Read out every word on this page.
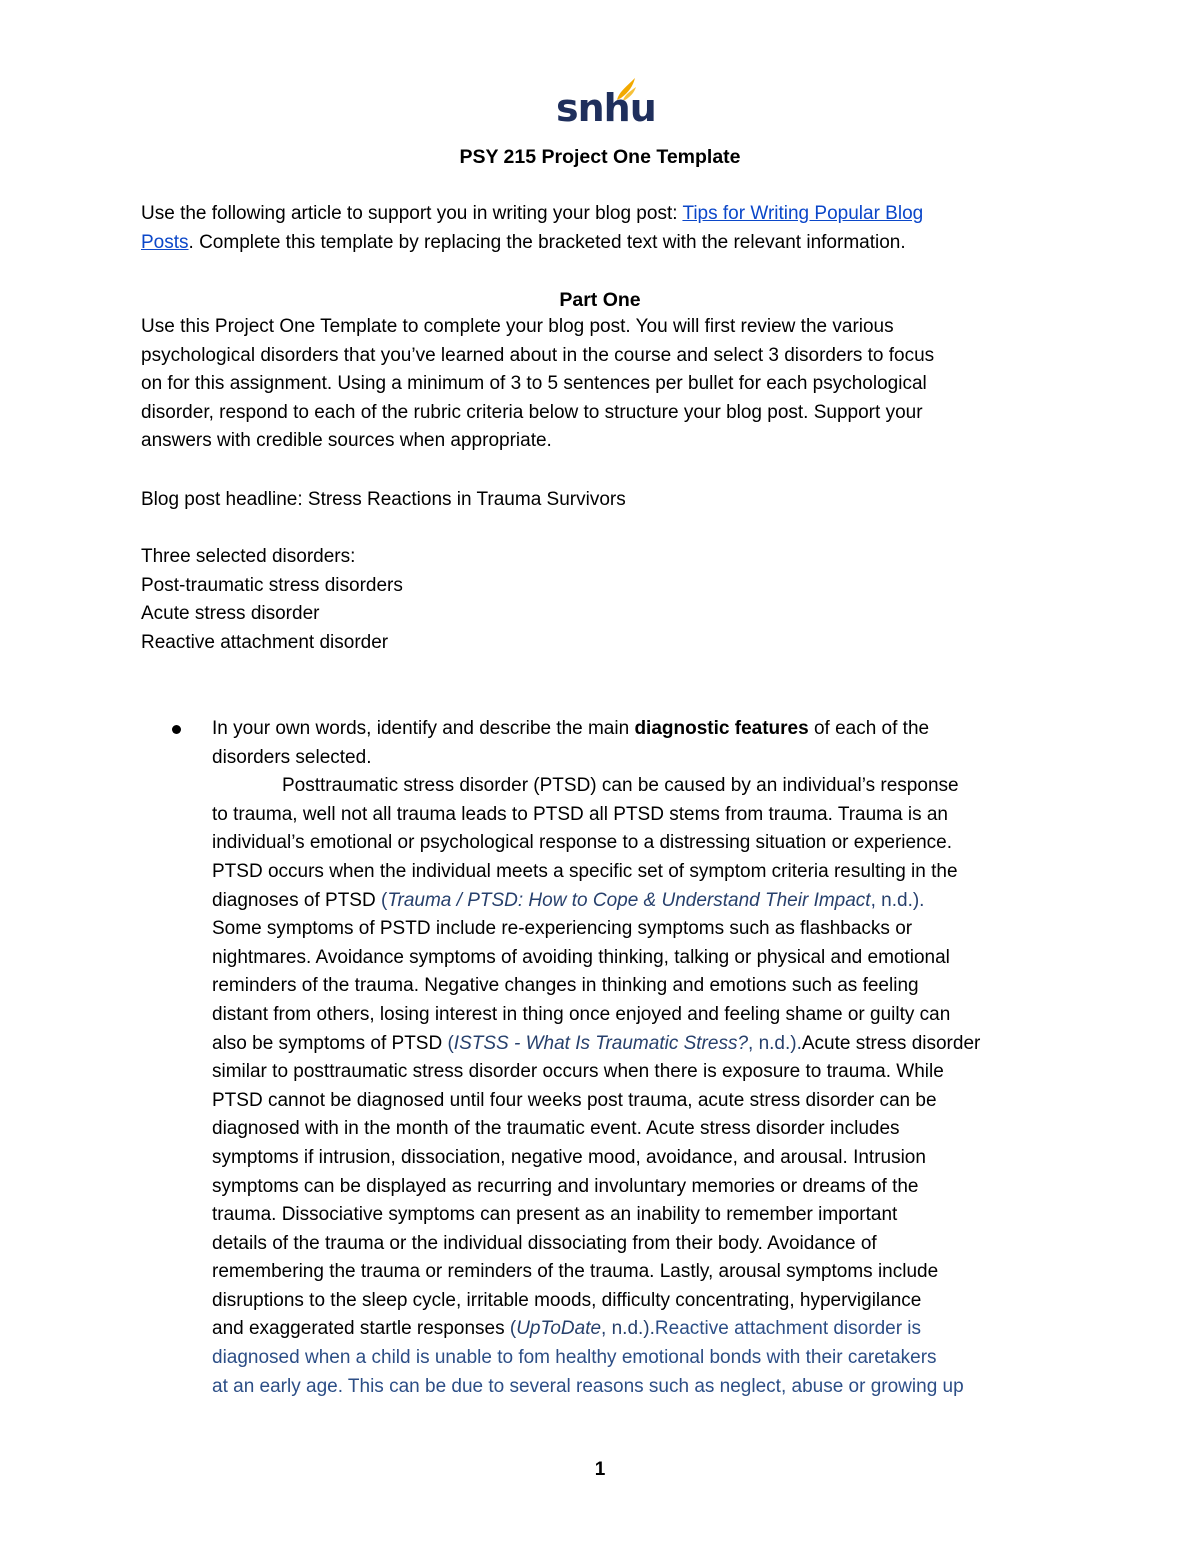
snhu
PSY 215 Project One Template
Use the following article to support you in writing your blog post: Tips for Writing Popular Blog
Posts. Complete this template by replacing the bracketed text with the relevant information.
Part One
Use this Project One Template to complete your blog post. You will first review the various
psychological disorders that you’ve learned about in the course and select 3 disorders to focus
on for this assignment. Using a minimum of 3 to 5 sentences per bullet for each psychological
disorder, respond to each of the rubric criteria below to structure your blog post. Support your
answers with credible sources when appropriate.
Blog post headline: Stress Reactions in Trauma Survivors
Three selected disorders:
Post-traumatic stress disorders
Acute stress disorder
Reactive attachment disorder
In your own words, identify and describe the main diagnostic features of each of the
disorders selected.
Posttraumatic stress disorder (PTSD) can be caused by an individual’s response
to trauma, well not all trauma leads to PTSD all PTSD stems from trauma. Trauma is an
individual’s emotional or psychological response to a distressing situation or experience.
PTSD occurs when the individual meets a specific set of symptom criteria resulting in the
diagnoses of PTSD (Trauma / PTSD: How to Cope & Understand Their Impact, n.d.).
Some symptoms of PSTD include re-experiencing symptoms such as flashbacks or
nightmares. Avoidance symptoms of avoiding thinking, talking or physical and emotional
reminders of the trauma. Negative changes in thinking and emotions such as feeling
distant from others, losing interest in thing once enjoyed and feeling shame or guilty can
also be symptoms of PTSD (ISTSS - What Is Traumatic Stress?, n.d.).Acute stress disorder
similar to posttraumatic stress disorder occurs when there is exposure to trauma. While
PTSD cannot be diagnosed until four weeks post trauma, acute stress disorder can be
diagnosed with in the month of the traumatic event. Acute stress disorder includes
symptoms if intrusion, dissociation, negative mood, avoidance, and arousal. Intrusion
symptoms can be displayed as recurring and involuntary memories or dreams of the
trauma. Dissociative symptoms can present as an inability to remember important
details of the trauma or the individual dissociating from their body. Avoidance of
remembering the trauma or reminders of the trauma. Lastly, arousal symptoms include
disruptions to the sleep cycle, irritable moods, difficulty concentrating, hypervigilance
and exaggerated startle responses (UpToDate, n.d.).Reactive attachment disorder is
diagnosed when a child is unable to fom healthy emotional bonds with their caretakers
at an early age. This can be due to several reasons such as neglect, abuse or growing up
1
